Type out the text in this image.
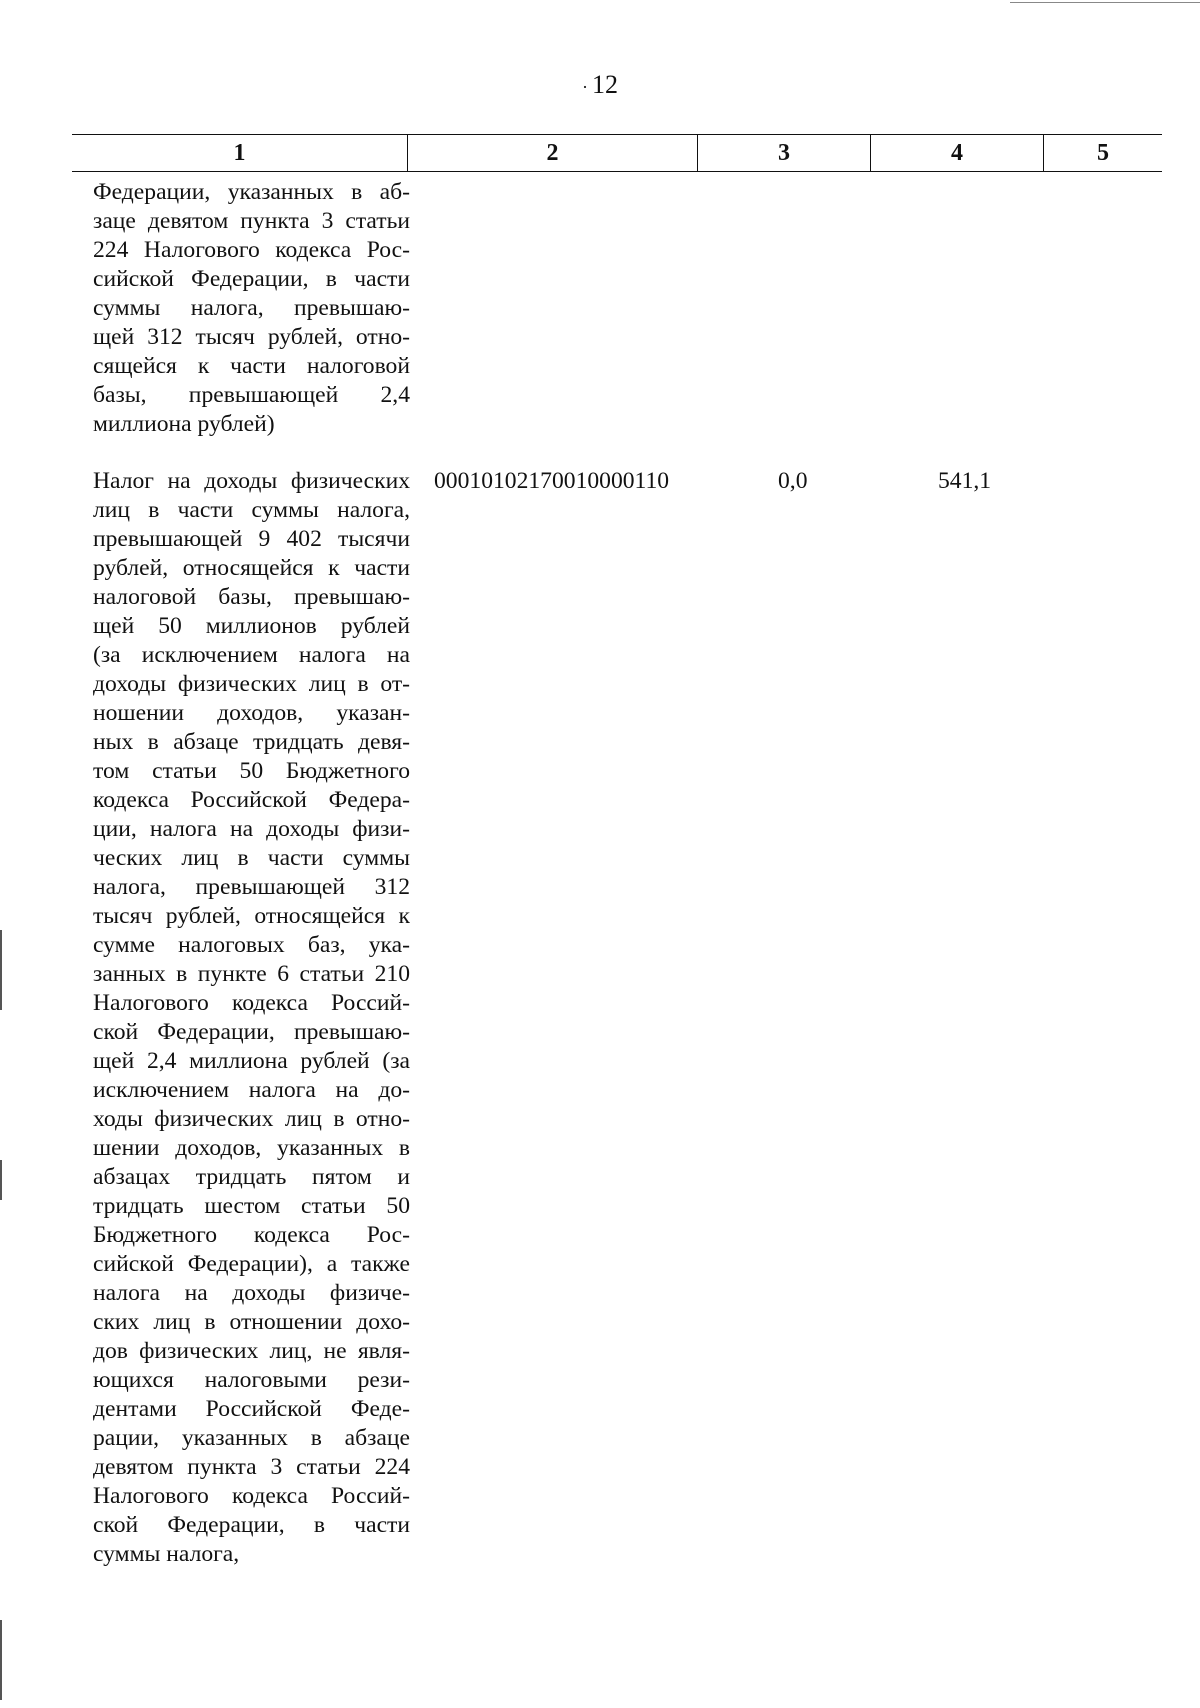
· 12
1	2	3	4	5
Федерации, указанных в аб-
заце девятом пункта 3 статьи
224 Налогового кодекса Рос-
сийской Федерации, в части
суммы налога, превышаю-
щей 312 тысяч рублей, отно-
сящейся к части налоговой
базы, превышающей 2,4
миллиона рублей)
Налог на доходы физических
лиц в части суммы налога,
превышающей 9 402 тысячи
рублей, относящейся к части
налоговой базы, превышаю-
щей 50 миллионов рублей
(за исключением налога на
доходы физических лиц в от-
ношении доходов, указан-
ных в абзаце тридцать девя-
том статьи 50 Бюджетного
кодекса Российской Федера-
ции, налога на доходы физи-
ческих лиц в части суммы
налога, превышающей 312
тысяч рублей, относящейся к
сумме налоговых баз, ука-
занных в пункте 6 статьи 210
Налогового кодекса Россий-
ской Федерации, превышаю-
щей 2,4 миллиона рублей (за
исключением налога на до-
ходы физических лиц в отно-
шении доходов, указанных в
абзацах тридцать пятом и
тридцать шестом статьи 50
Бюджетного кодекса Рос-
сийской Федерации), а также
налога на доходы физиче-
ских лиц в отношении дохо-
дов физических лиц, не явля-
ющихся налоговыми рези-
дентами Российской Феде-
рации, указанных в абзаце
девятом пункта 3 статьи 224
Налогового кодекса Россий-
ской Федерации, в части
суммы налога,
00010102170010000110	0,0	541,1
